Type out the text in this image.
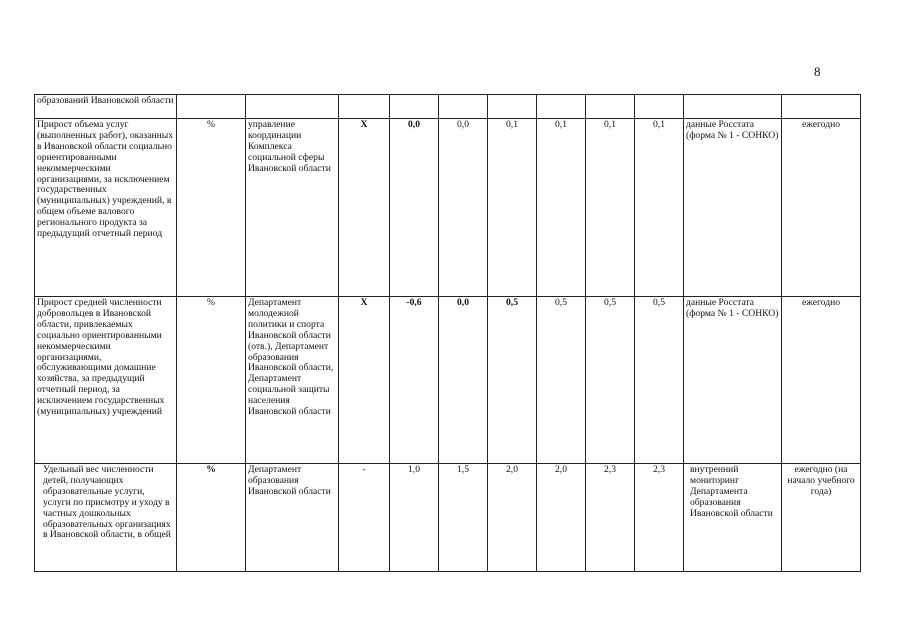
8
образований Ивановской области											
Прирост объема услуг (выполненных работ), оказанных в Ивановской области социально ориентированными некоммерческими организациями, за исключением государственных (муниципальных) учреждений, в общем объеме валового регионального продукта за предыдущий отчетный период	%	управление координации Комплекса социальной сферы Ивановской области	Х	0,0	0,0	0,1	0,1	0,1	0,1	данные Росстата (форма № 1 - СОНКО)	ежегодно
Прирост средней численности добровольцев в Ивановской области, привлекаемых социально ориентированными некоммерческими организациями, обслуживающими домашние хозяйства, за предыдущий отчетный период, за исключением государственных (муниципальных) учреждений	%	Департамент молодежной политики и спорта Ивановской области (отв.), Департамент образования Ивановской области, Департамент социальной защиты населения Ивановской области	Х	-0,6	0,0	0,5	0,5	0,5	0,5	данные Росстата (форма № 1 - СОНКО)	ежегодно
Удельный вес численности детей, получающих образовательные услуги, услуги по присмотру и уходу в частных дошкольных образовательных организациях в Ивановской области, в общей	%	Департамент образования Ивановской области	-	1,0	1,5	2,0	2,0	2,3	2,3	внутренний мониторинг Департамента образования Ивановской области	ежегодно (на начало учебного года)
